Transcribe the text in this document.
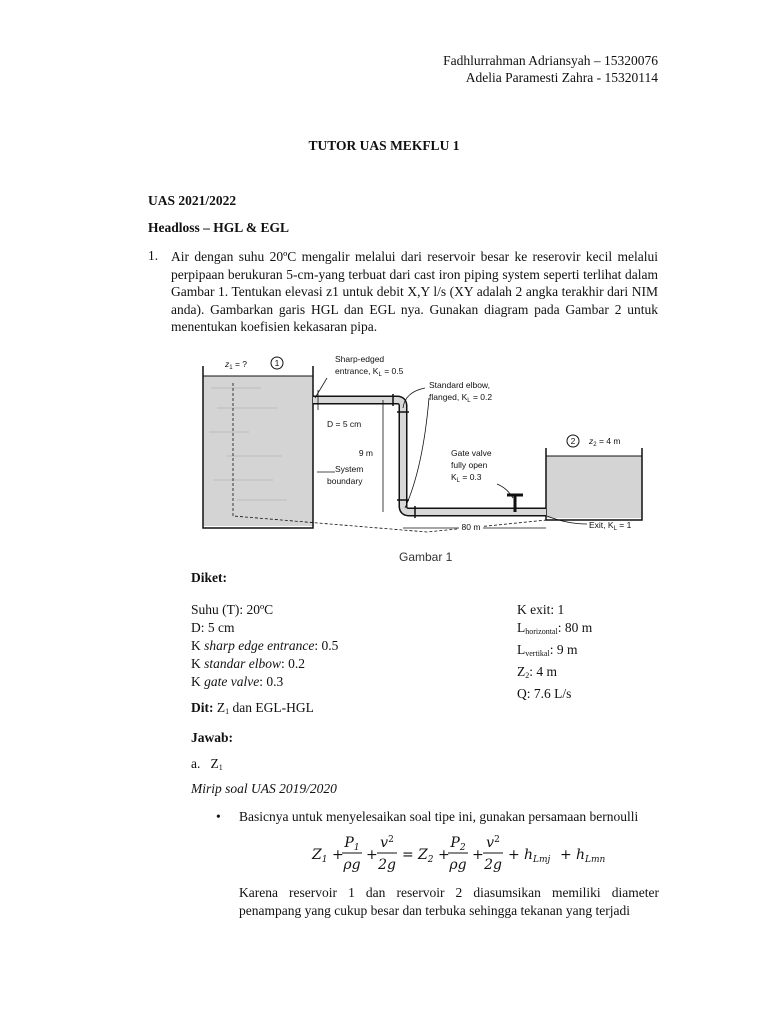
Fadhlurrahman Adriansyah – 15320076
Adelia Paramesti Zahra - 15320114
TUTOR UAS MEKFLU 1
UAS 2021/2022
Headloss – HGL & EGL
1. Air dengan suhu 20ºC mengalir melalui dari reservoir besar ke reserovir kecil melalui perpipaan berukuran 5-cm-yang terbuat dari cast iron piping system seperti terlihat dalam Gambar 1. Tentukan elevasi z1 untuk debit X,Y l/s (XY adalah 2 angka terakhir dari NIM anda). Gambarkan garis HGL dan EGL nya. Gunakan diagram pada Gambar 2 untuk menentukan koefisien kekasaran pipa.
1
2
$z_1$ = ?
$z_2 = 4$ m
Sharp-edged
entrance, $K_L = 0.5$
Standard elbow,
flanged, $K_L = 0.2$
D = 5 cm
9 m	Gate valve
fully open
$K_L = 0.3$
System
boundary
80 m	Exit, $K_L = 1$
Gambar 1
Diket:
Suhu (T): 20ºC
D: 5 cm
K sharp edge entrance: 0.5
K standar elbow: 0.2
K gate valve: 0.3
K exit: 1
$L_{horizontal}$: 80 m
$L_{vertikal}$: 9 m
$Z_2$: 4 m
Q: 7.6 L/s
Dit: $Z_1$ dan EGL-HGL
Jawab:
a. $Z_1$
Mirip soal UAS 2019/2020
• Basicnya untuk menyelesaikan soal tipe ini, gunakan persamaan bernoulli
$Z_1$ +
$P_1$
ρg
+
$v^2$
2g
= $Z_2$ +
$P_2$
ρg
+
$v^2$
2g
+ $h_{Lmj} + h_{Lmn}$
Karena reservoir 1 dan reservoir 2 diasumsikan memiliki diameter penampang yang cukup besar dan terbuka sehingga tekanan yang terjadi
